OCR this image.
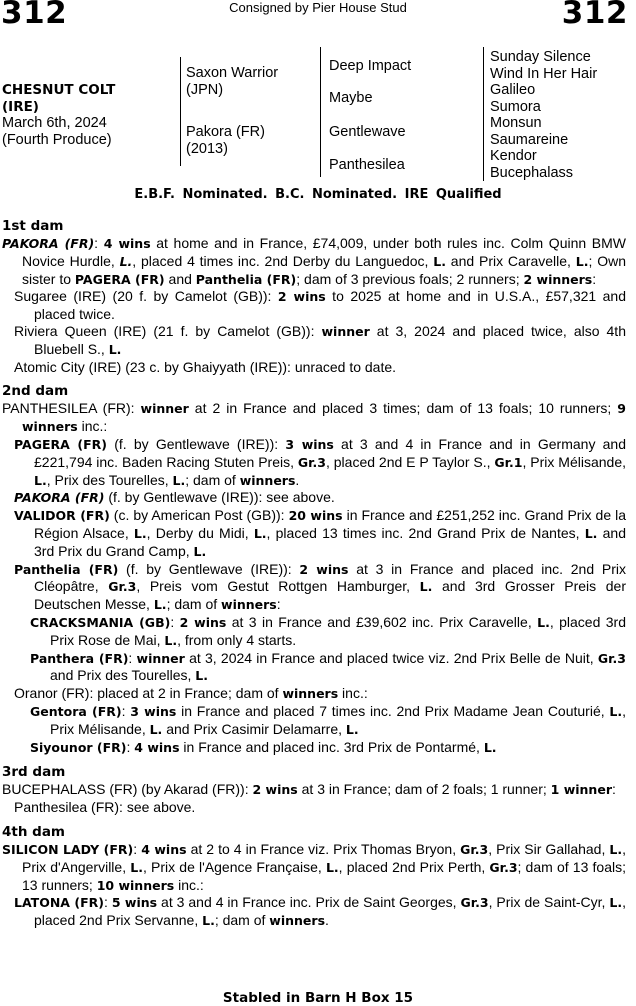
312	Consigned by Pier House Stud	312
CHESNUT COLT
(IRE)
March 6th, 2024
(Fourth Produce)
Saxon Warrior
(JPN)
Pakora (FR)
(2013)
Deep Impact
Maybe
Gentlewave
Panthesilea
Sunday Silence
Wind In Her Hair
Galileo
Sumora
Monsun
Saumareine
Kendor
Bucephalass
E.B.F. Nominated. B.C. Nominated. IRE Qualified
1st dam
PAKORA (FR): 4 wins at home and in France, £74,009, under both rules inc. Colm Quinn BMW Novice Hurdle, L., placed 4 times inc. 2nd Derby du Languedoc, L. and Prix Caravelle, L.; Own sister to PAGERA (FR) and Panthelia (FR); dam of 3 previous foals; 2 runners; 2 winners:
Sugaree (IRE) (20 f. by Camelot (GB)): 2 wins to 2025 at home and in U.S.A., £57,321 and placed twice.
Riviera Queen (IRE) (21 f. by Camelot (GB)): winner at 3, 2024 and placed twice, also 4th Bluebell S., L.
Atomic City (IRE) (23 c. by Ghaiyyath (IRE)): unraced to date.
2nd dam
PANTHESILEA (FR): winner at 2 in France and placed 3 times; dam of 13 foals; 10 runners; 9 winners inc.:
PAGERA (FR) (f. by Gentlewave (IRE)): 3 wins at 3 and 4 in France and in Germany and £221,794 inc. Baden Racing Stuten Preis, Gr.3, placed 2nd E P Taylor S., Gr.1, Prix Mélisande, L., Prix des Tourelles, L.; dam of winners.
PAKORA (FR) (f. by Gentlewave (IRE)): see above.
VALIDOR (FR) (c. by American Post (GB)): 20 wins in France and £251,252 inc. Grand Prix de la Région Alsace, L., Derby du Midi, L., placed 13 times inc. 2nd Grand Prix de Nantes, L. and 3rd Prix du Grand Camp, L.
Panthelia (FR) (f. by Gentlewave (IRE)): 2 wins at 3 in France and placed inc. 2nd Prix Cléopâtre, Gr.3, Preis vom Gestut Rottgen Hamburger, L. and 3rd Grosser Preis der Deutschen Messe, L.; dam of winners:
CRACKSMANIA (GB): 2 wins at 3 in France and £39,602 inc. Prix Caravelle, L., placed 3rd Prix Rose de Mai, L., from only 4 starts.
Panthera (FR): winner at 3, 2024 in France and placed twice viz. 2nd Prix Belle de Nuit, Gr.3 and Prix des Tourelles, L.
Oranor (FR): placed at 2 in France; dam of winners inc.:
Gentora (FR): 3 wins in France and placed 7 times inc. 2nd Prix Madame Jean Couturié, L., Prix Mélisande, L. and Prix Casimir Delamarre, L.
Siyounor (FR): 4 wins in France and placed inc. 3rd Prix de Pontarmé, L.
3rd dam
BUCEPHALASS (FR) (by Akarad (FR)): 2 wins at 3 in France; dam of 2 foals; 1 runner; 1 winner:
Panthesilea (FR): see above.
4th dam
SILICON LADY (FR): 4 wins at 2 to 4 in France viz. Prix Thomas Bryon, Gr.3, Prix Sir Gallahad, L., Prix d'Angerville, L., Prix de l'Agence Française, L., placed 2nd Prix Perth, Gr.3; dam of 13 foals; 13 runners; 10 winners inc.:
LATONA (FR): 5 wins at 3 and 4 in France inc. Prix de Saint Georges, Gr.3, Prix de Saint-Cyr, L., placed 2nd Prix Servanne, L.; dam of winners.
Stabled in Barn H Box 15
